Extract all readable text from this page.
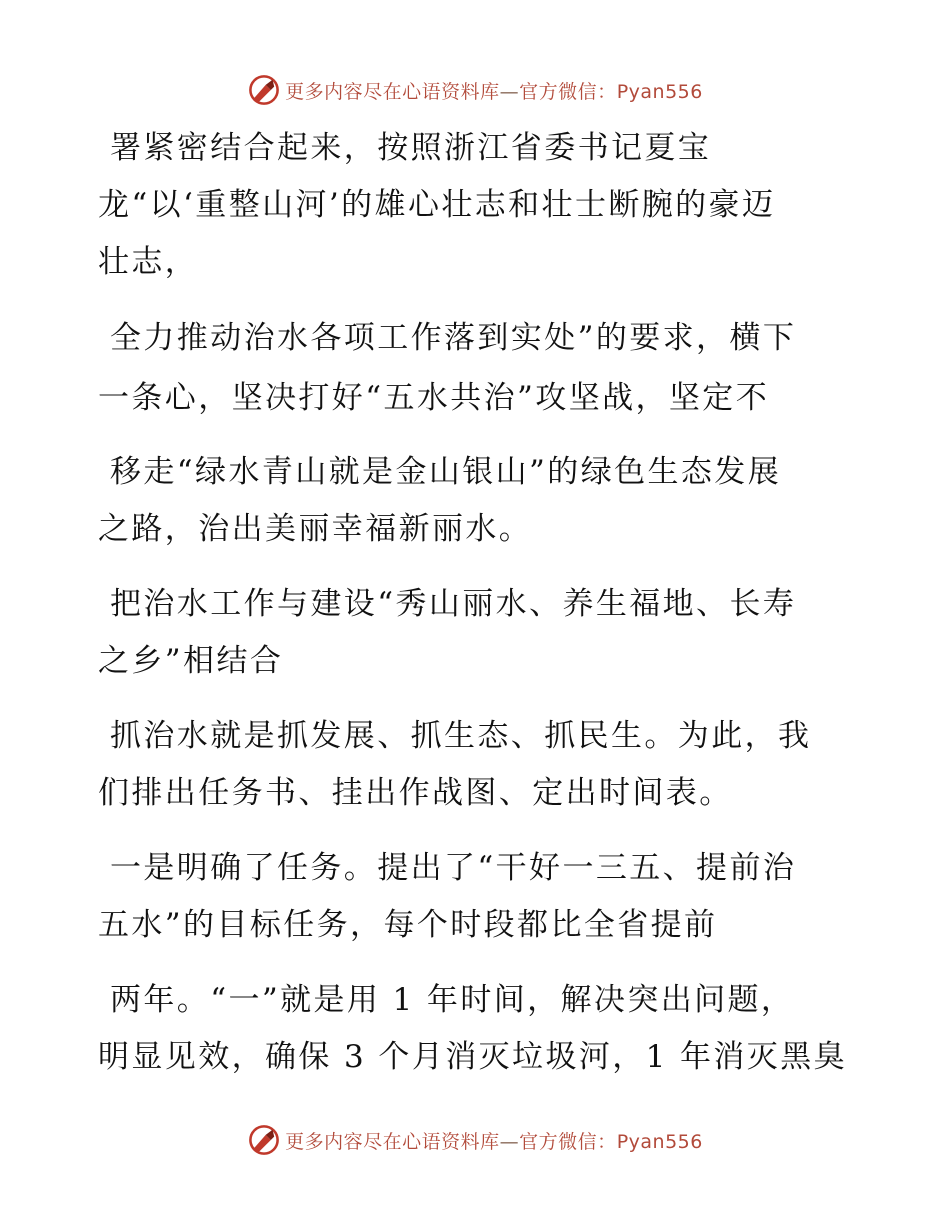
更多内容尽在心语资料库—官方微信：Pyan556
署紧密结合起来，按照浙江省委书记夏宝
龙“以‘重整山河’的雄心壮志和壮士断腕的豪迈
壮志，
全力推动治水各项工作落到实处”的要求，横下
一条心，坚决打好“五水共治”攻坚战，坚定不
移走“绿水青山就是金山银山”的绿色生态发展
之路，治出美丽幸福新丽水。
把治水工作与建设“秀山丽水、养生福地、长寿
之乡”相结合
抓治水就是抓发展、抓生态、抓民生。为此，我
们排出任务书、挂出作战图、定出时间表。
一是明确了任务。提出了“干好一三五、提前治
五水”的目标任务，每个时段都比全省提前
两年。“一”就是用 1 年时间，解决突出问题，
明显见效，确保 3 个月消灭垃圾河，1 年消灭黑臭
更多内容尽在心语资料库—官方微信：Pyan556
